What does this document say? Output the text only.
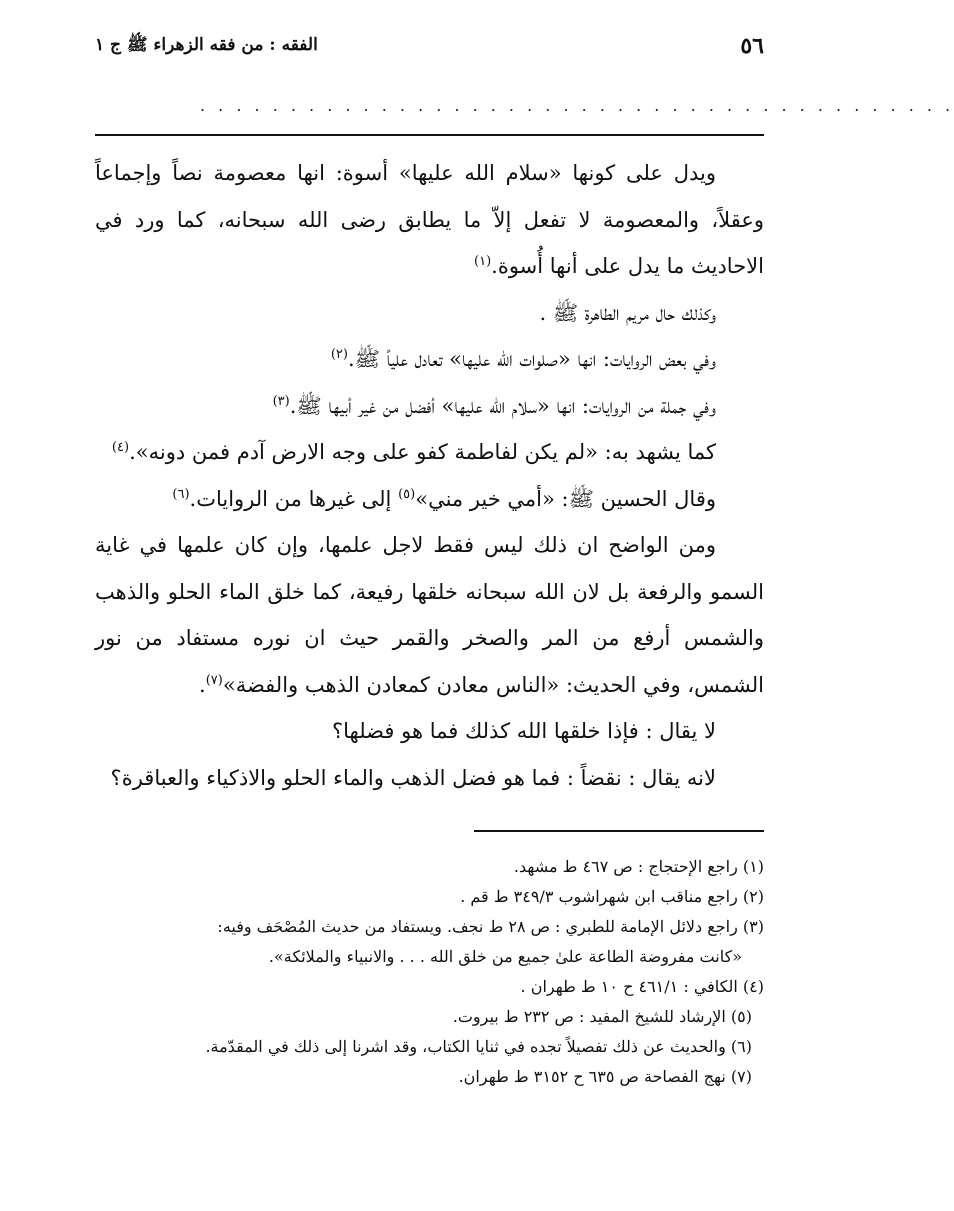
٥٦
الفقه : من فقه الزهراء ﷺ ج ١
. . . . . . . . . . . . . . . . . . . . . . . . . . . . . . . . . . . . . . . . . .

ويدل على كونها «سلام الله عليها» أسوة: انها معصومة نصاً وإجماعاً وعقلاً، والمعصومة لا تفعل إلاّ ما يطابق رضى الله سبحانه، كما ورد في الاحاديث ما يدل على أنها أُسوة.$^{(١)}$

وكذلك حال مريم الطاهرة ﷺ .

وفي بعض الروايات: انها «صلوات الله عليها» تعادل علياً ﷺ.$^{(٢)}$

وفي جملة من الروايات: انها «سلام الله عليها» أفضل من غير أبيها ﷺ.$^{(٣)}$

كما يشهد به: «لم يكن لفاطمة كفو على وجه الارض آدم فمن دونه».$^{(٤)}$

وقال الحسين ﷺ: «أمي خير مني»$^{(٥)}$ إلى غيرها من الروايات.$^{(٦)}$

ومن الواضح ان ذلك ليس فقط لاجل علمها، وإن كان علمها في غاية السمو والرفعة بل لان الله سبحانه خلقها رفيعة، كما خلق الماء الحلو والذهب والشمس أرفع من المر والصخر والقمر حيث ان نوره مستفاد من نور الشمس، وفي الحديث: «الناس معادن كمعادن الذهب والفضة»$^{(٧)}$.

لا يقال : فإذا خلقها الله كذلك فما هو فضلها؟

لانه يقال : نقضاً : فما هو فضل الذهب والماء الحلو والاذكياء والعباقرة؟

(١) راجع الإحتجاج : ص ٤٦٧ ط مشهد.

(٢) راجع مناقب ابن شهراشوب ٣٤٩/٣ ط قم .

(٣) راجع دلائل الإمامة للطبري : ص ٢٨ ط نجف. ويستفاد من حديث المُصْحَف وفيه:

«كانت مفروضة الطاعة علىٰ جميع من خلق الله . . . والانبياء والملائكة».

(٤) الكافي : ٤٦١/١ ح ١٠ ط طهران .

(٥) الإرشاد للشيخ المفيد : ص ٢٣٢ ط بيروت.

(٦) والحديث عن ذلك تفصيلاً تجده في ثنايا الكتاب، وقد اشرنا إلى ذلك في المقدّمة.

(٧) نهج الفصاحة ص ٦٣٥ ح ٣١٥٢ ط طهران.
